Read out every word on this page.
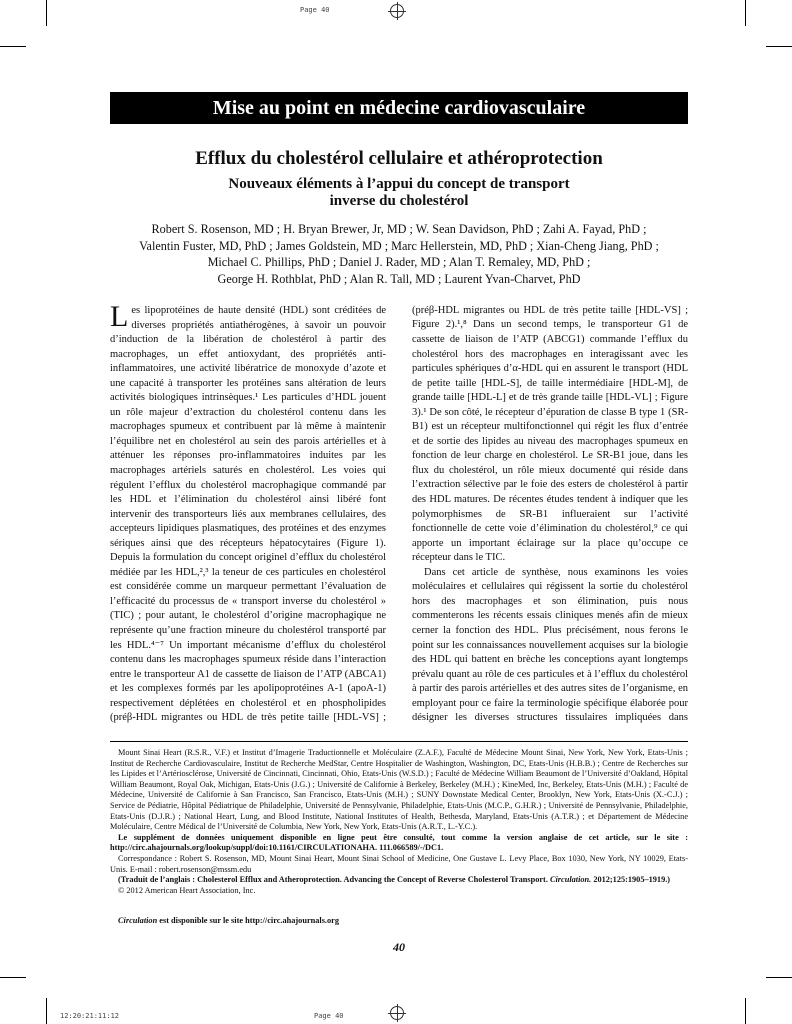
Page 40
Mise au point en médecine cardiovasculaire
Efflux du cholestérol cellulaire et athéroprotection
Nouveaux éléments à l’appui du concept de transport
inverse du cholestérol
Robert S. Rosenson, MD ; H. Bryan Brewer, Jr, MD ; W. Sean Davidson, PhD ; Zahi A. Fayad, PhD ;
Valentin Fuster, MD, PhD ; James Goldstein, MD ; Marc Hellerstein, MD, PhD ; Xian-Cheng Jiang, PhD ;
Michael C. Phillips, PhD ; Daniel J. Rader, MD ; Alan T. Remaley, MD, PhD ;
George H. Rothblat, PhD ; Alan R. Tall, MD ; Laurent Yvan-Charvet, PhD

Les lipoprotéines de haute densité (HDL) sont créditées de diverses propriétés antiathérogènes, à savoir un pouvoir d’induction de la libération de cholestérol à partir des macrophages, un effet antioxydant, des propriétés anti-inflammatoires, une activité libératrice de monoxyde d’azote et une capacité à transporter les protéines sans altération de leurs activités biologiques intrinsèques.¹ Les particules d’HDL jouent un rôle majeur d’extraction du cholestérol contenu dans les macrophages spumeux et contribuent par là même à maintenir l’équilibre net en cholestérol au sein des parois artérielles et à atténuer les réponses pro-inflammatoires induites par les macrophages artériels saturés en cholestérol. Les voies qui régulent l’efflux du cholestérol macrophagique commandé par les HDL et l’élimination du cholestérol ainsi libéré font intervenir des transporteurs liés aux membranes cellulaires, des accepteurs lipidiques plasmatiques, des protéines et des enzymes sériques ainsi que des récepteurs hépatocytaires (Figure 1). Depuis la formulation du concept originel d’efflux du cholestérol médiée par les HDL,²,³ la teneur de ces particules en cholestérol est considérée comme un marqueur permettant l’évaluation de l’efficacité du processus de « transport inverse du cholestérol » (TIC) ; pour autant, le cholestérol d’origine macrophagique ne représente qu’une fraction mineure du cholestérol transporté par les HDL.⁴⁻⁷ Un important mécanisme d’efflux du cholestérol contenu dans les macrophages spumeux réside dans l’interaction entre le transporteur A1 de cassette de liaison de l’ATP (ABCA1) et les complexes formés par les apolipoprotéines A-1 (apoA-1) respectivement déplétées en cholestérol et en phospholipides (préβ-HDL migrantes ou HDL de très petite taille [HDL-VS] ;

(préβ-HDL migrantes ou HDL de très petite taille [HDL-VS] ; Figure 2).¹,⁸ Dans un second temps, le transporteur G1 de cassette de liaison de l’ATP (ABCG1) commande l’efflux du cholestérol hors des macrophages en interagissant avec les particules sphériques d’α-HDL qui en assurent le transport (HDL de petite taille [HDL-S], de taille intermédiaire [HDL-M], de grande taille [HDL-L] et de très grande taille [HDL-VL] ; Figure 3).¹ De son côté, le récepteur d’épuration de classe B type 1 (SR-B1) est un récepteur multifonctionnel qui régit les flux d’entrée et de sortie des lipides au niveau des macrophages spumeux en fonction de leur charge en cholestérol. Le SR-B1 joue, dans les flux du cholestérol, un rôle mieux documenté qui réside dans l’extraction sélective par le foie des esters de cholestérol à partir des HDL matures. De récentes études tendent à indiquer que les polymorphismes de SR-B1 influeraient sur l’activité fonctionnelle de cette voie d’élimination du cholestérol,⁹ ce qui apporte un important éclairage sur la place qu’occupe ce récepteur dans le TIC.

Dans cet article de synthèse, nous examinons les voies moléculaires et cellulaires qui régissent la sortie du cholestérol hors des macrophages et son élimination, puis nous commenterons les récents essais cliniques menés afin de mieux cerner la fonction des HDL. Plus précisément, nous ferons le point sur les connaissances nouvellement acquises sur la biologie des HDL qui battent en brèche les conceptions ayant longtemps prévalu quant au rôle de ces particules et à l’efflux du cholestérol à partir des parois artérielles et des autres sites de l’organisme, en employant pour ce faire la terminologie spécifique élaborée pour désigner les diverses structures tissulaires impliquées dans

Mount Sinai Heart (R.S.R., V.F.) et Institut d’Imagerie Traductionnelle et Moléculaire (Z.A.F.), Faculté de Médecine Mount Sinai, New York, New York, Etats-Unis ; Institut de Recherche Cardiovasculaire, Institut de Recherche MedStar, Centre Hospitalier de Washington, Washington, DC, Etats-Unis (H.B.B.) ; Centre de Recherches sur les Lipides et l’Artériosclérose, Université de Cincinnati, Cincinnati, Ohio, Etats-Unis (W.S.D.) ; Faculté de Médecine William Beaumont de l’Université d’Oakland, Hôpital William Beaumont, Royal Oak, Michigan, Etats-Unis (J.G.) ; Université de Californie à Berkeley, Berkeley (M.H.) ; KineMed, Inc, Berkeley, Etats-Unis (M.H.) ; Faculté de Médecine, Université de Californie à San Francisco, San Francisco, Etats-Unis (M.H.) ; SUNY Downstate Medical Center, Brooklyn, New York, Etats-Unis (X.-C.J.) ; Service de Pédiatrie, Hôpital Pédiatrique de Philadelphie, Université de Pennsylvanie, Philadelphie, Etats-Unis (M.C.P., G.H.R.) ; Université de Pennsylvanie, Philadelphie, Etats-Unis (D.J.R.) ; National Heart, Lung, and Blood Institute, National Institutes of Health, Bethesda, Maryland, Etats-Unis (A.T.R.) ; et Département de Médecine Moléculaire, Centre Médical de l’Université de Columbia, New York, New York, Etats-Unis (A.R.T., L.-Y.C.).

Le supplément de données uniquement disponible en ligne peut être consulté, tout comme la version anglaise de cet article, sur le site : http://circ.ahajournals.org/lookup/suppl/doi:10.1161/CIRCULATIONAHA. 111.066589/-/DC1.

Correspondance : Robert S. Rosenson, MD, Mount Sinai Heart, Mount Sinai School of Medicine, One Gustave L. Levy Place, Box 1030, New York, NY 10029, Etats-Unis. E-mail : robert.rosenson@mssm.edu

(Traduit de l’anglais : Cholesterol Efflux and Atheroprotection. Advancing the Concept of Reverse Cholesterol Transport. Circulation. 2012;125:1905–1919.)

© 2012 American Heart Association, Inc.

Circulation est disponible sur le site http://circ.ahajournals.org

40
12:20:21:11:12	Page 40
